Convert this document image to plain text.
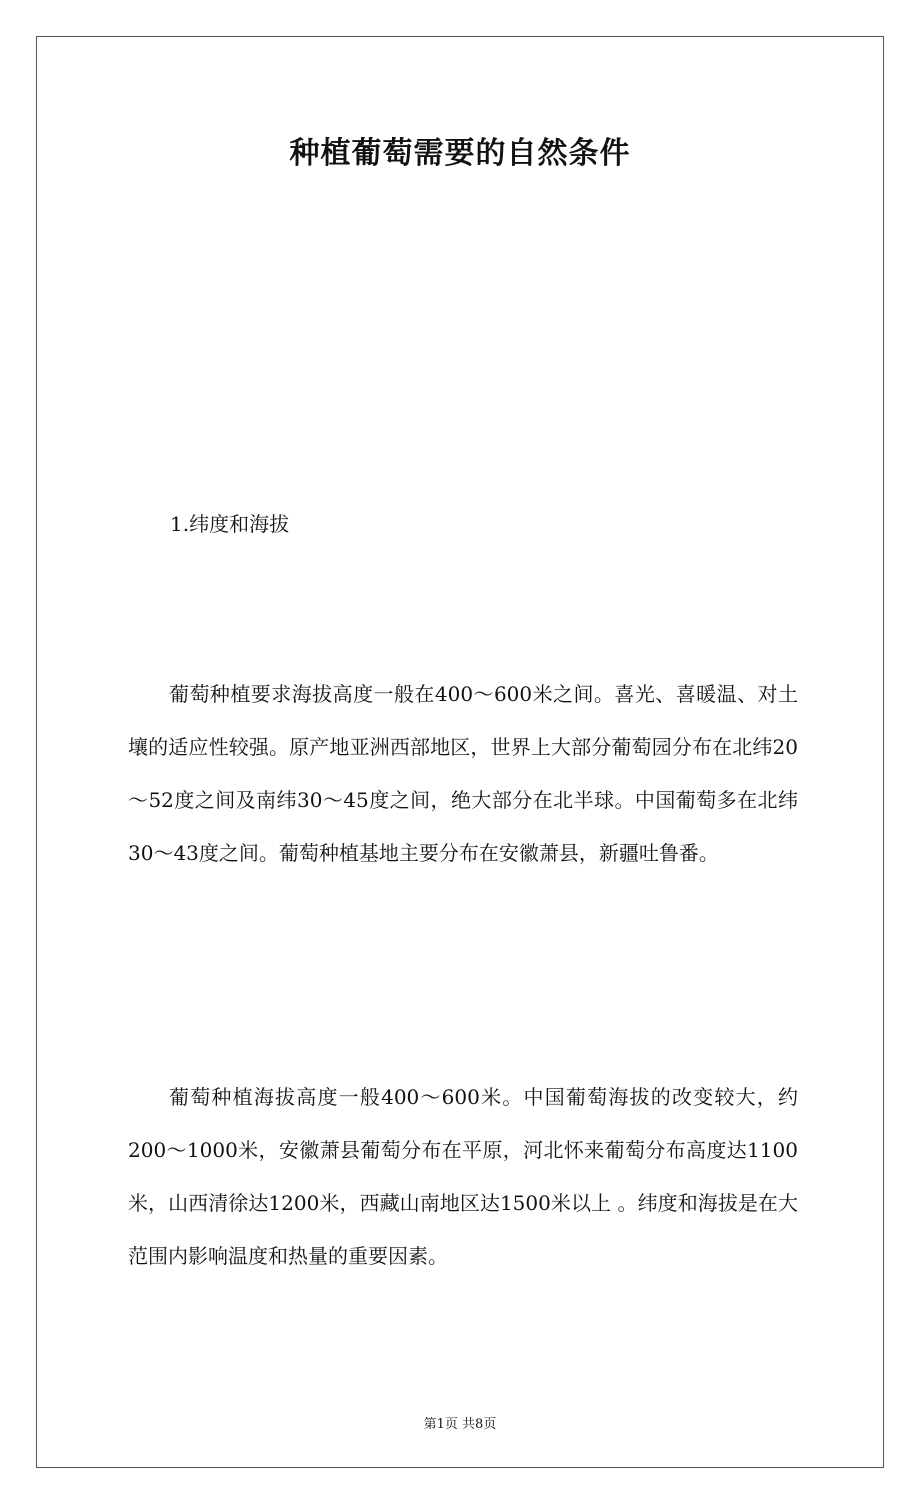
种植葡萄需要的自然条件

1.纬度和海拔

葡萄种植要求海拔高度一般在400～600米之间。喜光、喜暖温、对土壤的适应性较强。原产地亚洲西部地区，世界上大部分葡萄园分布在北纬20～52度之间及南纬30～45度之间，绝大部分在北半球。中国葡萄多在北纬30～43度之间。葡萄种植基地主要分布在安徽萧县，新疆吐鲁番。

葡萄种植海拔高度一般400～600米。中国葡萄海拔的改变较大，约200～1000米，安徽萧县葡萄分布在平原，河北怀来葡萄分布高度达1100米，山西清徐达1200米，西藏山南地区达1500米以上 。纬度和海拔是在大范围内影响温度和热量的重要因素。

第1页 共8页
